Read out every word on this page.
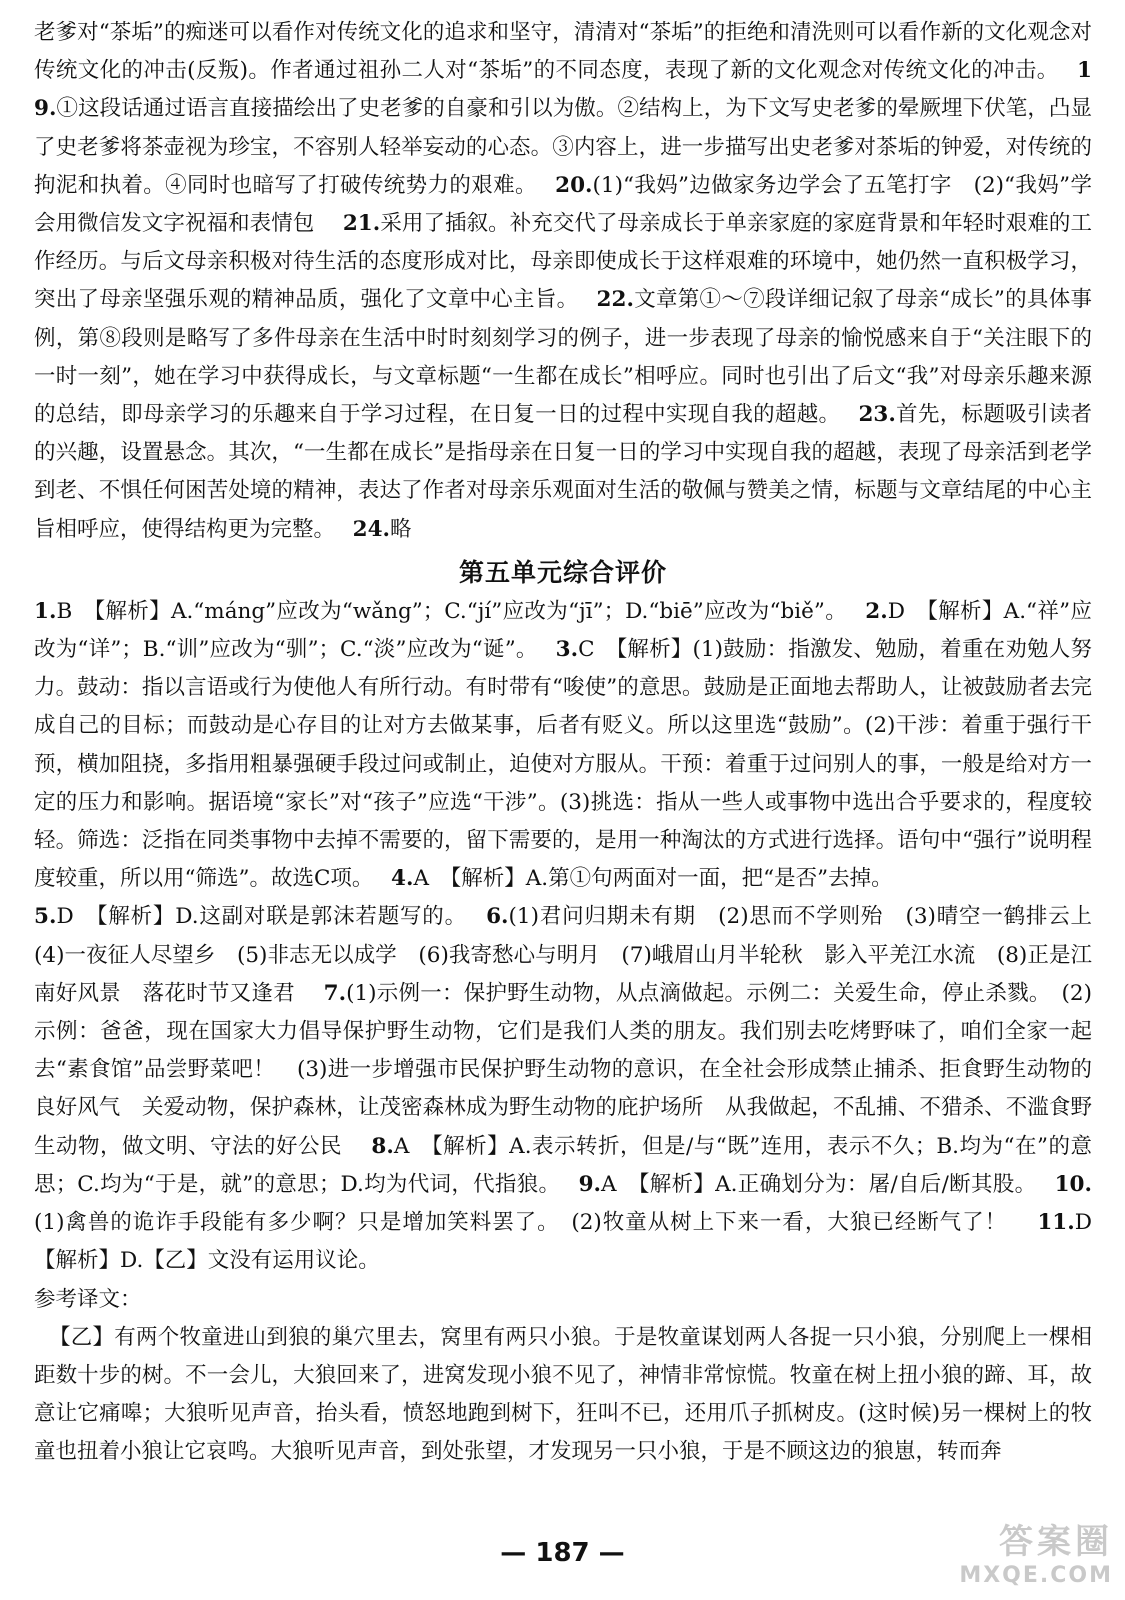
老爹对“茶垢”的痴迷可以看作对传统文化的追求和坚守，清清对“茶垢”的拒绝和清洗则可以看作新的文化观念对传统文化的冲击(反叛)。作者通过祖孙二人对“茶垢”的不同态度，表现了新的文化观念对传统文化的冲击。　 19.①这段话通过语言直接描绘出了史老爹的自豪和引以为傲。②结构上，为下文写史老爹的晕厥埋下伏笔，凸显了史老爹将茶壶视为珍宝，不容别人轻举妄动的心态。③内容上，进一步描写出史老爹对茶垢的钟爱，对传统的拘泥和执着。④同时也暗写了打破传统势力的艰难。　 20.(1)“我妈”边做家务边学会了五笔打字　(2)“我妈”学会用微信发文字祝福和表情包　 21.采用了插叙。补充交代了母亲成长于单亲家庭的家庭背景和年轻时艰难的工作经历。与后文母亲积极对待生活的态度形成对比，母亲即使成长于这样艰难的环境中，她仍然一直积极学习，突出了母亲坚强乐观的精神品质，强化了文章中心主旨。　 22.文章第①～⑦段详细记叙了母亲“成长”的具体事例，第⑧段则是略写了多件母亲在生活中时时刻刻学习的例子，进一步表现了母亲的愉悦感来自于“关注眼下的一时一刻”，她在学习中获得成长，与文章标题“一生都在成长”相呼应。同时也引出了后文“我”对母亲乐趣来源的总结，即母亲学习的乐趣来自于学习过程，在日复一日的过程中实现自我的超越。　 23.首先，标题吸引读者的兴趣，设置悬念。其次，“一生都在成长”是指母亲在日复一日的学习中实现自我的超越，表现了母亲活到老学到老、不惧任何困苦处境的精神，表达了作者对母亲乐观面对生活的敬佩与赞美之情，标题与文章结尾的中心主旨相呼应，使得结构更为完整。　 24.略

第五单元综合评价

1.B　【解析】A.“máng”应改为“wǎng”；C.“jí”应改为“jī”；D.“biē”应改为“biě”。　 2.D　【解析】A.“祥”应改为“详”；B.“训”应改为“驯”；C.“淡”应改为“诞”。　 3.C　【解析】(1)鼓励：指激发、勉励，着重在劝勉人努力。鼓动：指以言语或行为使他人有所行动。有时带有“唆使”的意思。鼓励是正面地去帮助人，让被鼓励者去完成自己的目标；而鼓动是心存目的让对方去做某事，后者有贬义。所以这里选“鼓励”。(2)干涉：着重于强行干预，横加阻挠，多指用粗暴强硬手段过问或制止，迫使对方服从。干预：着重于过问别人的事，一般是给对方一定的压力和影响。据语境“家长”对“孩子”应选“干涉”。(3)挑选：指从一些人或事物中选出合乎要求的，程度较轻。筛选：泛指在同类事物中去掉不需要的，留下需要的，是用一种淘汰的方式进行选择。语句中“强行”说明程度较重，所以用“筛选”。故选C项。　 4.A　【解析】A.第①句两面对一面，把“是否”去掉。
5.D　【解析】D.这副对联是郭沫若题写的。　 6.(1)君问归期未有期　(2)思而不学则殆　(3)晴空一鹤排云上　(4)一夜征人尽望乡　(5)非志无以成学　(6)我寄愁心与明月　(7)峨眉山月半轮秋　影入平羌江水流　(8)正是江南好风景　落花时节又逢君　 7.(1)示例一：保护野生动物，从点滴做起。示例二：关爱生命，停止杀戮。　(2)示例：爸爸，现在国家大力倡导保护野生动物，它们是我们人类的朋友。我们别去吃烤野味了，咱们全家一起去“素食馆”品尝野菜吧！　(3)进一步增强市民保护野生动物的意识，在全社会形成禁止捕杀、拒食野生动物的良好风气　关爱动物，保护森林，让茂密森林成为野生动物的庇护场所　从我做起，不乱捕、不猎杀、不滥食野生动物，做文明、守法的好公民　 8.A　【解析】A.表示转折，但是/与“既”连用，表示不久；B.均为“在”的意思；C.均为“于是，就”的意思；D.均为代词，代指狼。　 9.A　【解析】A.正确划分为：屠/自后/断其股。　 10.(1)禽兽的诡诈手段能有多少啊？只是增加笑料罢了。　(2)牧童从树上下来一看，大狼已经断气了！　 11.D　【解析】D.【乙】文没有运用议论。

参考译文：

【乙】有两个牧童进山到狼的巢穴里去，窝里有两只小狼。于是牧童谋划两人各捉一只小狼，分别爬上一棵相距数十步的树。不一会儿，大狼回来了，进窝发现小狼不见了，神情非常惊慌。牧童在树上扭小狼的蹄、耳，故意让它痛嗥；大狼听见声音，抬头看，愤怒地跑到树下，狂叫不已，还用爪子抓树皮。(这时候)另一棵树上的牧童也扭着小狼让它哀鸣。大狼听见声音，到处张望，才发现另一只小狼，于是不顾这边的狼崽，转而奔

— 187 —	答案圈
MXQE.COM
